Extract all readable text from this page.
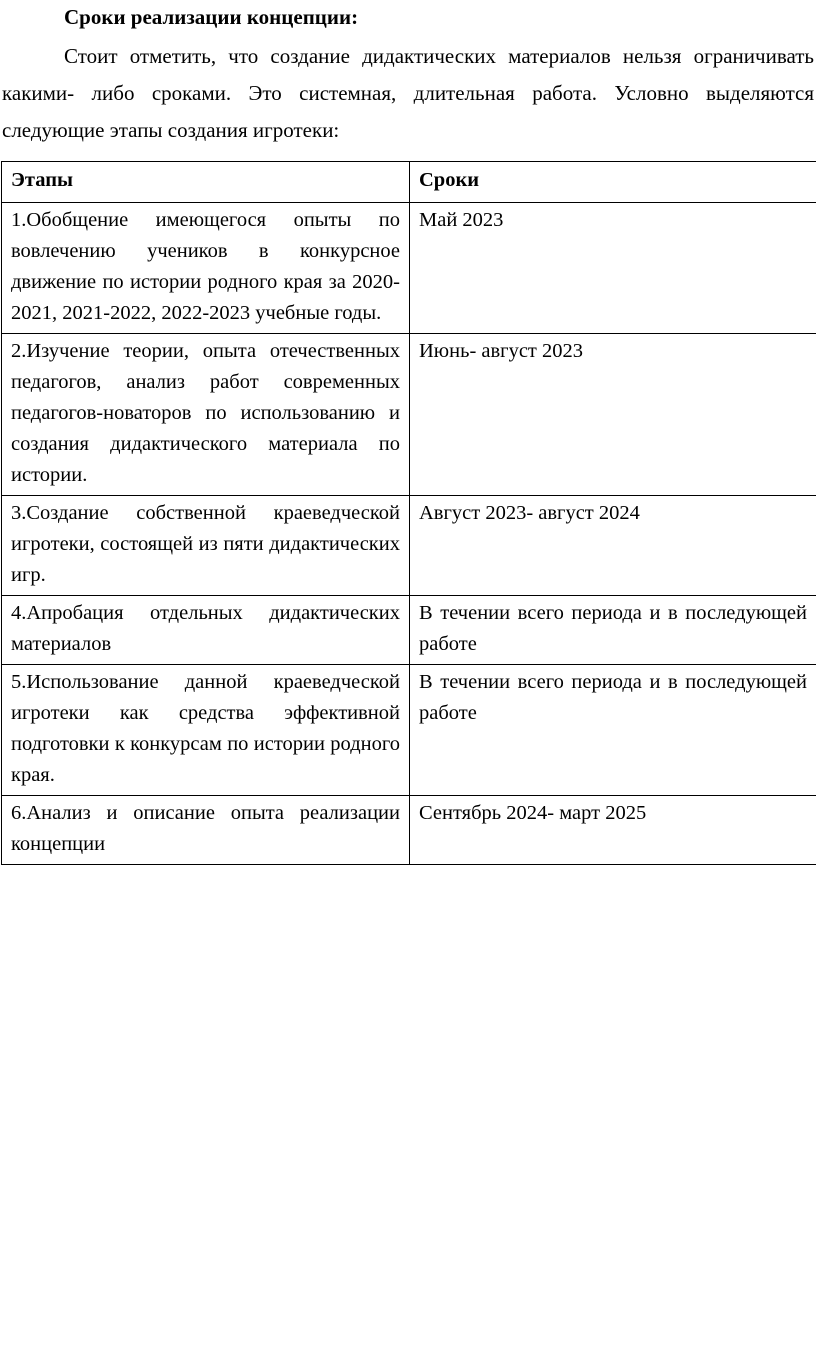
Сроки реализации концепции:

Стоит отметить, что создание дидактических материалов нельзя ограничивать какими- либо сроками. Это системная, длительная работа. Условно выделяются следующие этапы создания игротеки:

Этапы	Сроки
1.Обобщение имеющегося опыты по вовлечению учеников в конкурсное движение по истории родного края за 2020-2021, 2021-2022, 2022-2023 учебные годы.	Май 2023
2.Изучение теории, опыта отечественных педагогов, анализ работ современных педагогов-новаторов по использованию и создания дидактического материала по истории.	Июнь- август 2023
3.Создание собственной краеведческой игротеки, состоящей из пяти дидактических игр.	Август 2023- август 2024
4.Апробация отдельных дидактических материалов	В течении всего периода и в последующей работе
5.Использование данной краеведческой игротеки как средства эффективной подготовки к конкурсам по истории родного края.	В течении всего периода и в последующей работе
6.Анализ и описание опыта реализации концепции	Сентябрь 2024- март 2025
